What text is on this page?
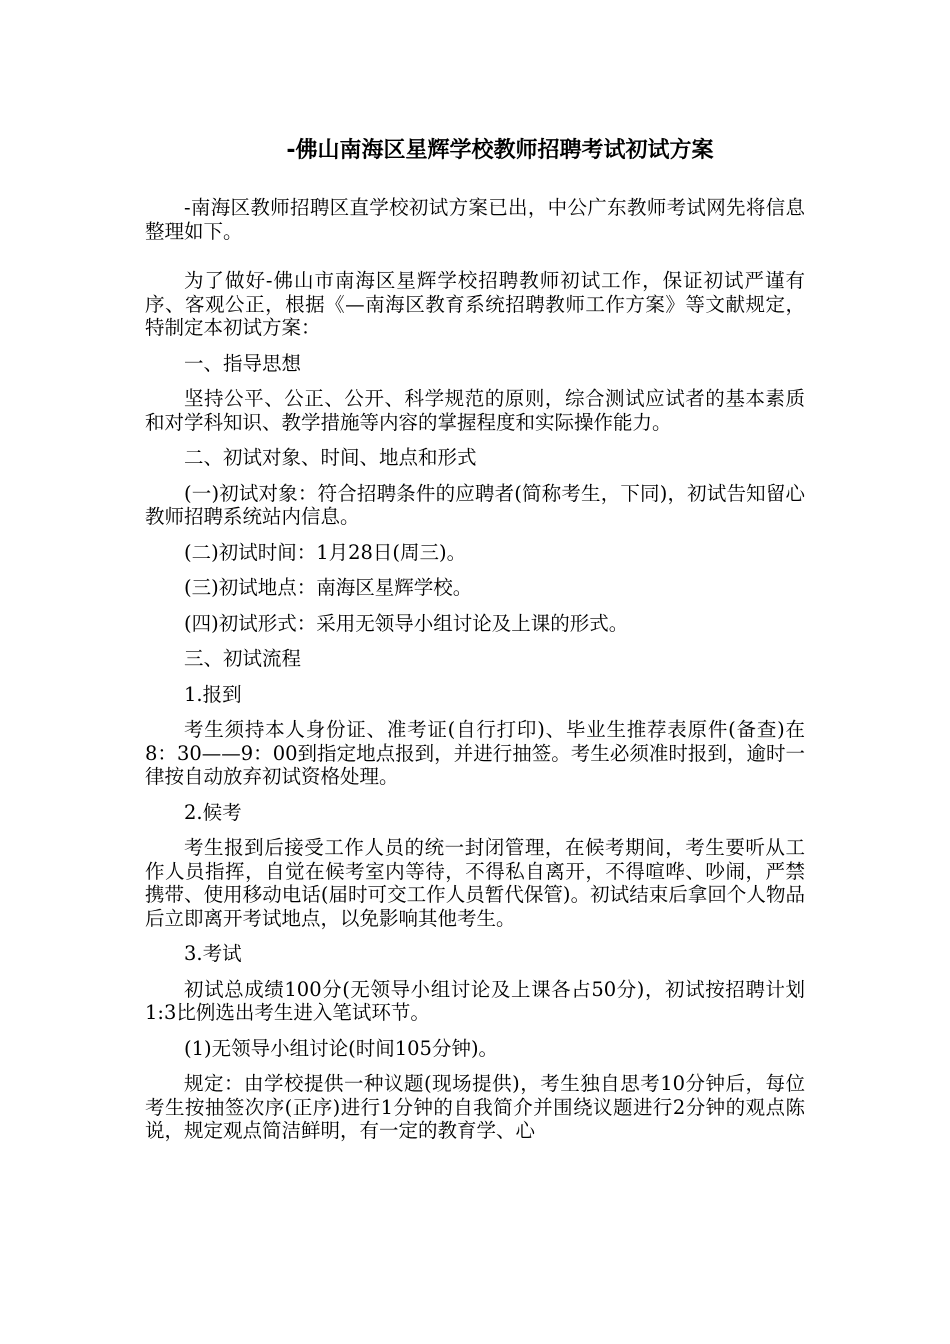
-佛山南海区星辉学校教师招聘考试初试方案

-南海区教师招聘区直学校初试方案已出，中公广东教师考试网先将信息整理如下。

为了做好-佛山市南海区星辉学校招聘教师初试工作，保证初试严谨有序、客观公正，根据《—南海区教育系统招聘教师工作方案》等文献规定，特制定本初试方案：

一、指导思想

坚持公平、公正、公开、科学规范的原则，综合测试应试者的基本素质和对学科知识、教学措施等内容的掌握程度和实际操作能力。

二、初试对象、时间、地点和形式

(一)初试对象：符合招聘条件的应聘者(简称考生，下同)，初试告知留心教师招聘系统站内信息。

(二)初试时间：1月28日(周三)。

(三)初试地点：南海区星辉学校。

(四)初试形式：采用无领导小组讨论及上课的形式。

三、初试流程

1.报到

考生须持本人身份证、准考证(自行打印)、毕业生推荐表原件(备查)在8：30——9：00到指定地点报到，并进行抽签。考生必须准时报到，逾时一律按自动放弃初试资格处理。

2.候考

考生报到后接受工作人员的统一封闭管理，在候考期间，考生要听从工作人员指挥，自觉在候考室内等待，不得私自离开，不得喧哗、吵闹，严禁携带、使用移动电话(届时可交工作人员暂代保管)。初试结束后拿回个人物品后立即离开考试地点，以免影响其他考生。

3.考试

初试总成绩100分(无领导小组讨论及上课各占50分)，初试按招聘计划1:3比例选出考生进入笔试环节。

(1)无领导小组讨论(时间105分钟)。

规定：由学校提供一种议题(现场提供)，考生独自思考10分钟后，每位考生按抽签次序(正序)进行1分钟的自我简介并围绕议题进行2分钟的观点陈说，规定观点简洁鲜明，有一定的教育学、心
